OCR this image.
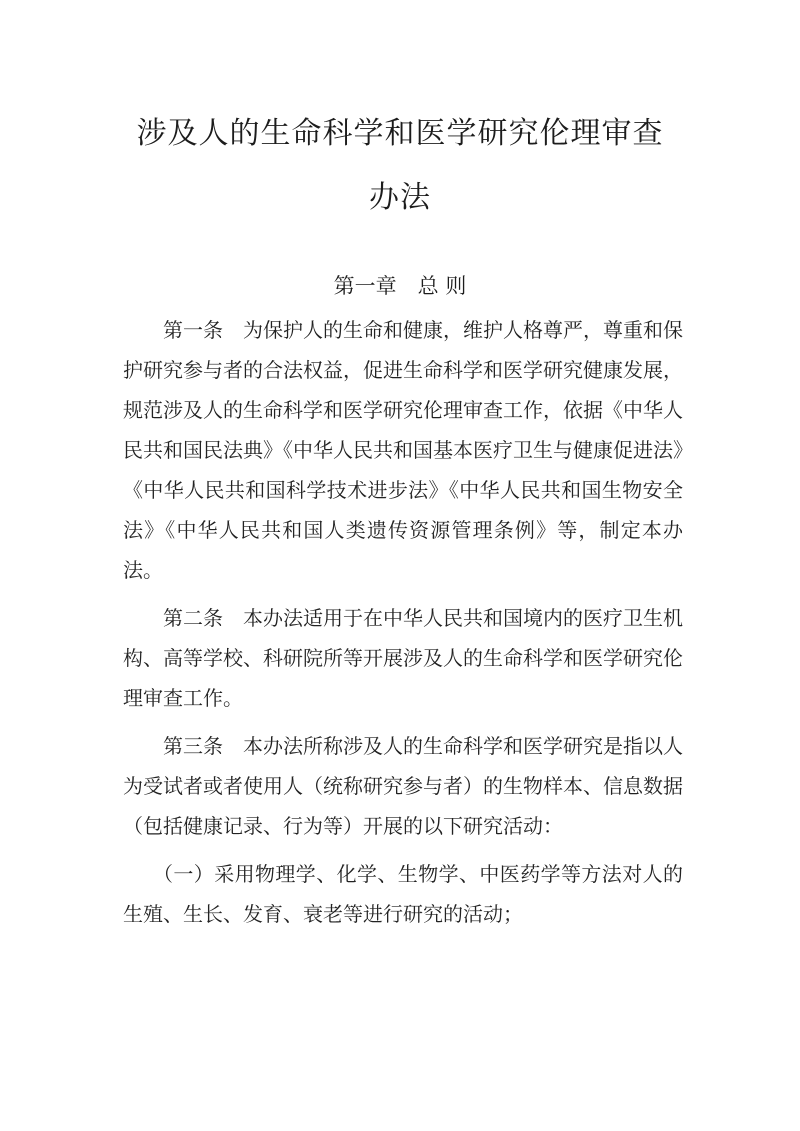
涉及人的生命科学和医学研究伦理审查
办法
第一章　总 则

第一条　为保护人的生命和健康，维护人格尊严，尊重和保护研究参与者的合法权益，促进生命科学和医学研究健康发展，规范涉及人的生命科学和医学研究伦理审查工作，依据《中华人民共和国民法典》《中华人民共和国基本医疗卫生与健康促进法》《中华人民共和国科学技术进步法》《中华人民共和国生物安全法》《中华人民共和国人类遗传资源管理条例》等，制定本办法。

第二条　本办法适用于在中华人民共和国境内的医疗卫生机构、高等学校、科研院所等开展涉及人的生命科学和医学研究伦理审查工作。

第三条　本办法所称涉及人的生命科学和医学研究是指以人为受试者或者使用人（统称研究参与者）的生物样本、信息数据（包括健康记录、行为等）开展的以下研究活动：

（一）采用物理学、化学、生物学、中医药学等方法对人的生殖、生长、发育、衰老等进行研究的活动；
